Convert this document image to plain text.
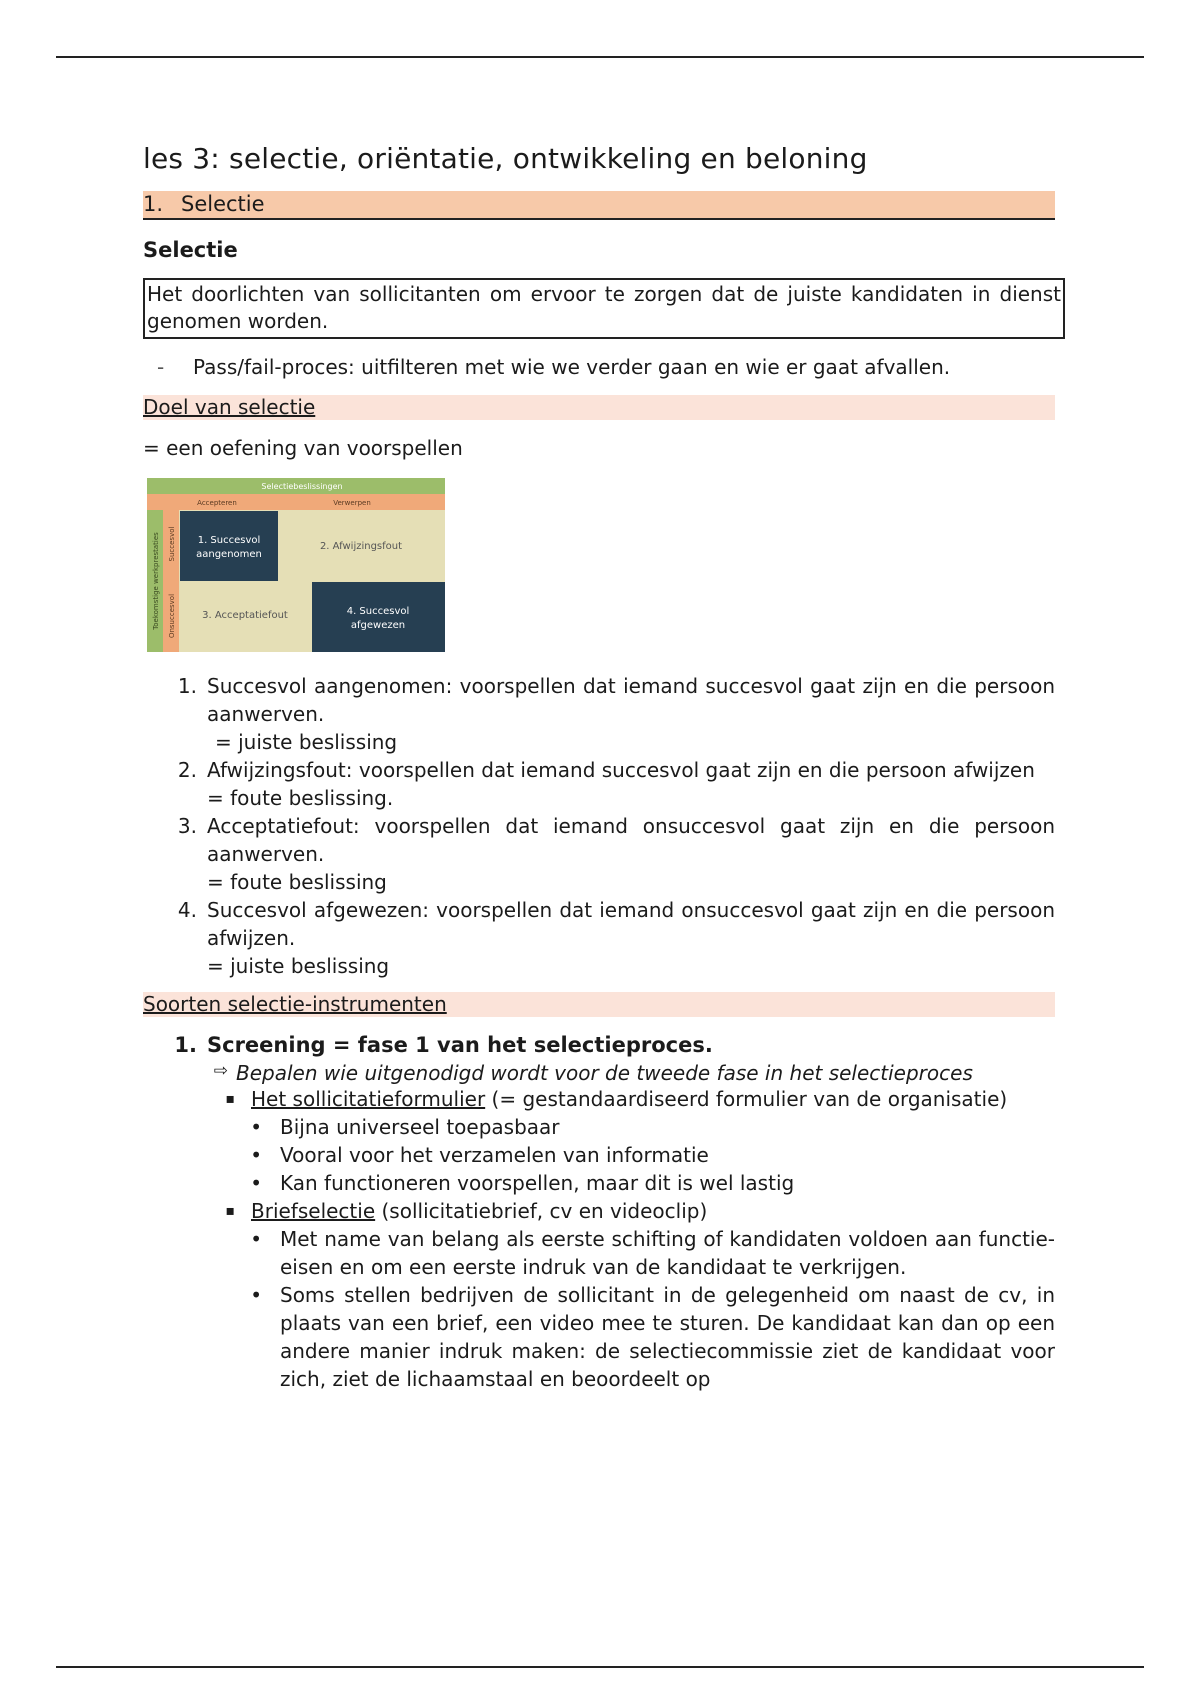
les 3: selectie, oriëntatie, ontwikkeling en beloning
1. Selectie
Selectie
Het doorlichten van sollicitanten om ervoor te zorgen dat de juiste kandidaten in dienst genomen worden.
-	Pass/fail-proces: uitfilteren met wie we verder gaan en wie er gaat afvallen.
Doel van selectie
= een oefening van voorspellen
Selectiebeslissingen
Accepteren	Verwerpen
Toekomstige werkprestaties Succesvol
Onsuccesvol
1. Succesvol
aangenomen
2. Afwijzingsfout
3. Acceptatiefout	4. Succesvol
afgewezen
1. Succesvol aangenomen: voorspellen dat iemand succesvol gaat zijn en die persoon aanwerven.
= juiste beslissing
2. Afwijzingsfout: voorspellen dat iemand succesvol gaat zijn en die persoon afwijzen
= foute beslissing.
3. Acceptatiefout: voorspellen dat iemand onsuccesvol gaat zijn en die persoon aanwerven.
= foute beslissing
4. Succesvol afgewezen: voorspellen dat iemand onsuccesvol gaat zijn en die persoon afwijzen.
= juiste beslissing
Soorten selectie-instrumenten
1. Screening = fase 1 van het selectieproces.
⇨ Bepalen wie uitgenodigd wordt voor de tweede fase in het selectieproces
▪ Het sollicitatieformulier (= gestandaardiseerd formulier van de organisatie)
• Bijna universeel toepasbaar
• Vooral voor het verzamelen van informatie
• Kan functioneren voorspellen, maar dit is wel lastig
▪ Briefselectie (sollicitatiebrief, cv en videoclip)
• Met name van belang als eerste schifting of kandidaten voldoen aan functie-eisen en om een eerste indruk van de kandidaat te verkrijgen.
• Soms stellen bedrijven de sollicitant in de gelegenheid om naast de cv, in plaats van een brief, een video mee te sturen. De kandidaat kan dan op een andere manier indruk maken: de selectiecommissie ziet de kandidaat voor zich, ziet de lichaamstaal en beoordeelt op
